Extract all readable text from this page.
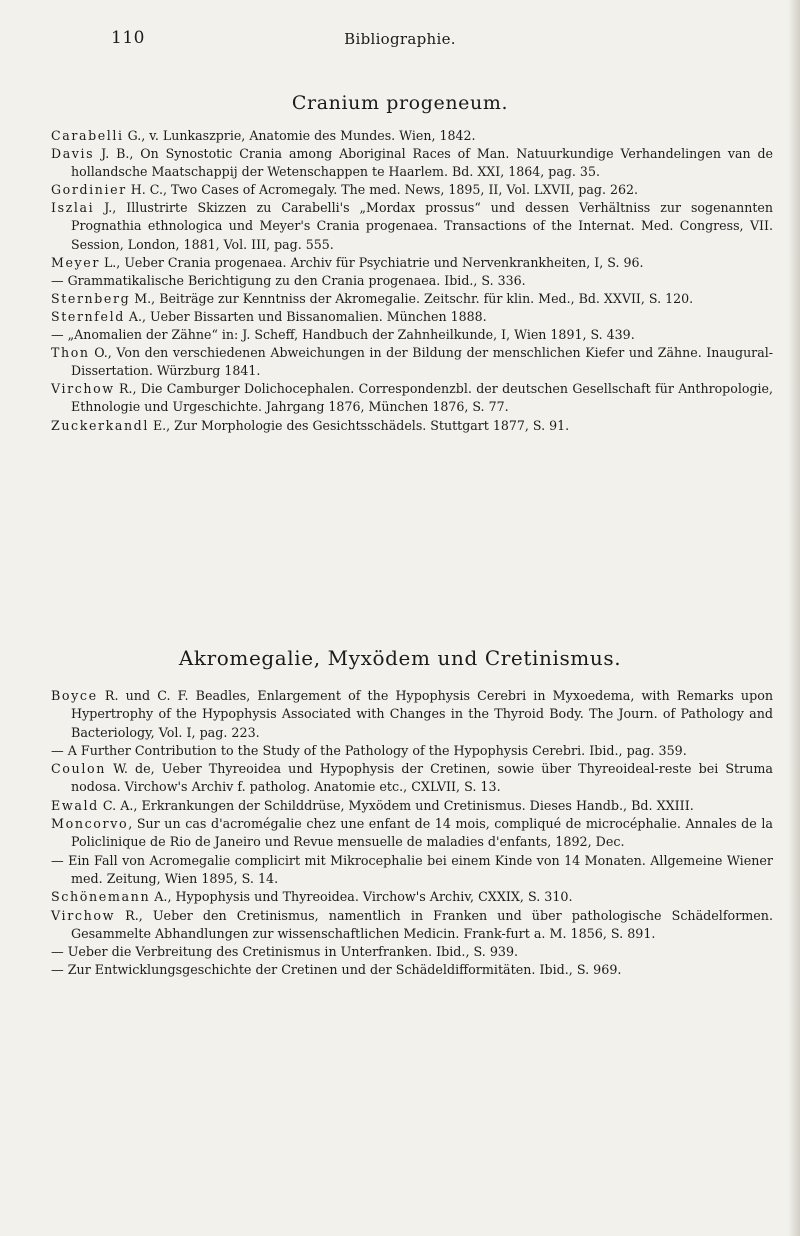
110	Bibliographie.
Cranium progeneum.
Carabelli G., v. Lunkaszprie, Anatomie des Mundes. Wien, 1842.
Davis J. B., On Synostotic Crania among Aboriginal Races of Man. Natuurkundige Verhandelingen van de hollandsche Maatschappij der Wetenschappen te Haarlem. Bd. XXI, 1864, pag. 35.
Gordinier H. C., Two Cases of Acromegaly. The med. News, 1895, II, Vol. LXVII, pag. 262.
Iszlai J., Illustrirte Skizzen zu Carabelli's „Mordax prossus“ und dessen Verhältniss zur sogenannten Prognathia ethnologica und Meyer's Crania progenaea. Transactions of the Internat. Med. Congress, VII. Session, London, 1881, Vol. III, pag. 555.
Meyer L., Ueber Crania progenaea. Archiv für Psychiatrie und Nervenkrankheiten, I, S. 96.
— Grammatikalische Berichtigung zu den Crania progenaea. Ibid., S. 336.
Sternberg M., Beiträge zur Kenntniss der Akromegalie. Zeitschr. für klin. Med., Bd. XXVII, S. 120.
Sternfeld A., Ueber Bissarten und Bissanomalien. München 1888.
— „Anomalien der Zähne“ in: J. Scheff, Handbuch der Zahnheilkunde, I, Wien 1891, S. 439.
Thon O., Von den verschiedenen Abweichungen in der Bildung der menschlichen Kiefer und Zähne. Inaugural-Dissertation. Würzburg 1841.
Virchow R., Die Camburger Dolichocephalen. Correspondenzbl. der deutschen Gesellschaft für Anthropologie, Ethnologie und Urgeschichte. Jahrgang 1876, München 1876, S. 77.
Zuckerkandl E., Zur Morphologie des Gesichtsschädels. Stuttgart 1877, S. 91.
Akromegalie, Myxödem und Cretinismus.
Boyce R. und C. F. Beadles, Enlargement of the Hypophysis Cerebri in Myxoedema, with Remarks upon Hypertrophy of the Hypophysis Associated with Changes in the Thyroid Body. The Journ. of Pathology and Bacteriology, Vol. I, pag. 223.
— A Further Contribution to the Study of the Pathology of the Hypophysis Cerebri. Ibid., pag. 359.
Coulon W. de, Ueber Thyreoidea und Hypophysis der Cretinen, sowie über Thyreoideal-reste bei Struma nodosa. Virchow's Archiv f. patholog. Anatomie etc., CXLVII, S. 13.
Ewald C. A., Erkrankungen der Schilddrüse, Myxödem und Cretinismus. Dieses Handb., Bd. XXIII.
Moncorvo, Sur un cas d'acromégalie chez une enfant de 14 mois, compliqué de microcéphalie. Annales de la Policlinique de Rio de Janeiro und Revue mensuelle de maladies d'enfants, 1892, Dec.
— Ein Fall von Acromegalie complicirt mit Mikrocephalie bei einem Kinde von 14 Monaten. Allgemeine Wiener med. Zeitung, Wien 1895, S. 14.
Schönemann A., Hypophysis und Thyreoidea. Virchow's Archiv, CXXIX, S. 310.
Virchow R., Ueber den Cretinismus, namentlich in Franken und über pathologische Schädelformen. Gesammelte Abhandlungen zur wissenschaftlichen Medicin. Frank-furt a. M. 1856, S. 891.
— Ueber die Verbreitung des Cretinismus in Unterfranken. Ibid., S. 939.
— Zur Entwicklungsgeschichte der Cretinen und der Schädeldifformitäten. Ibid., S. 969.
